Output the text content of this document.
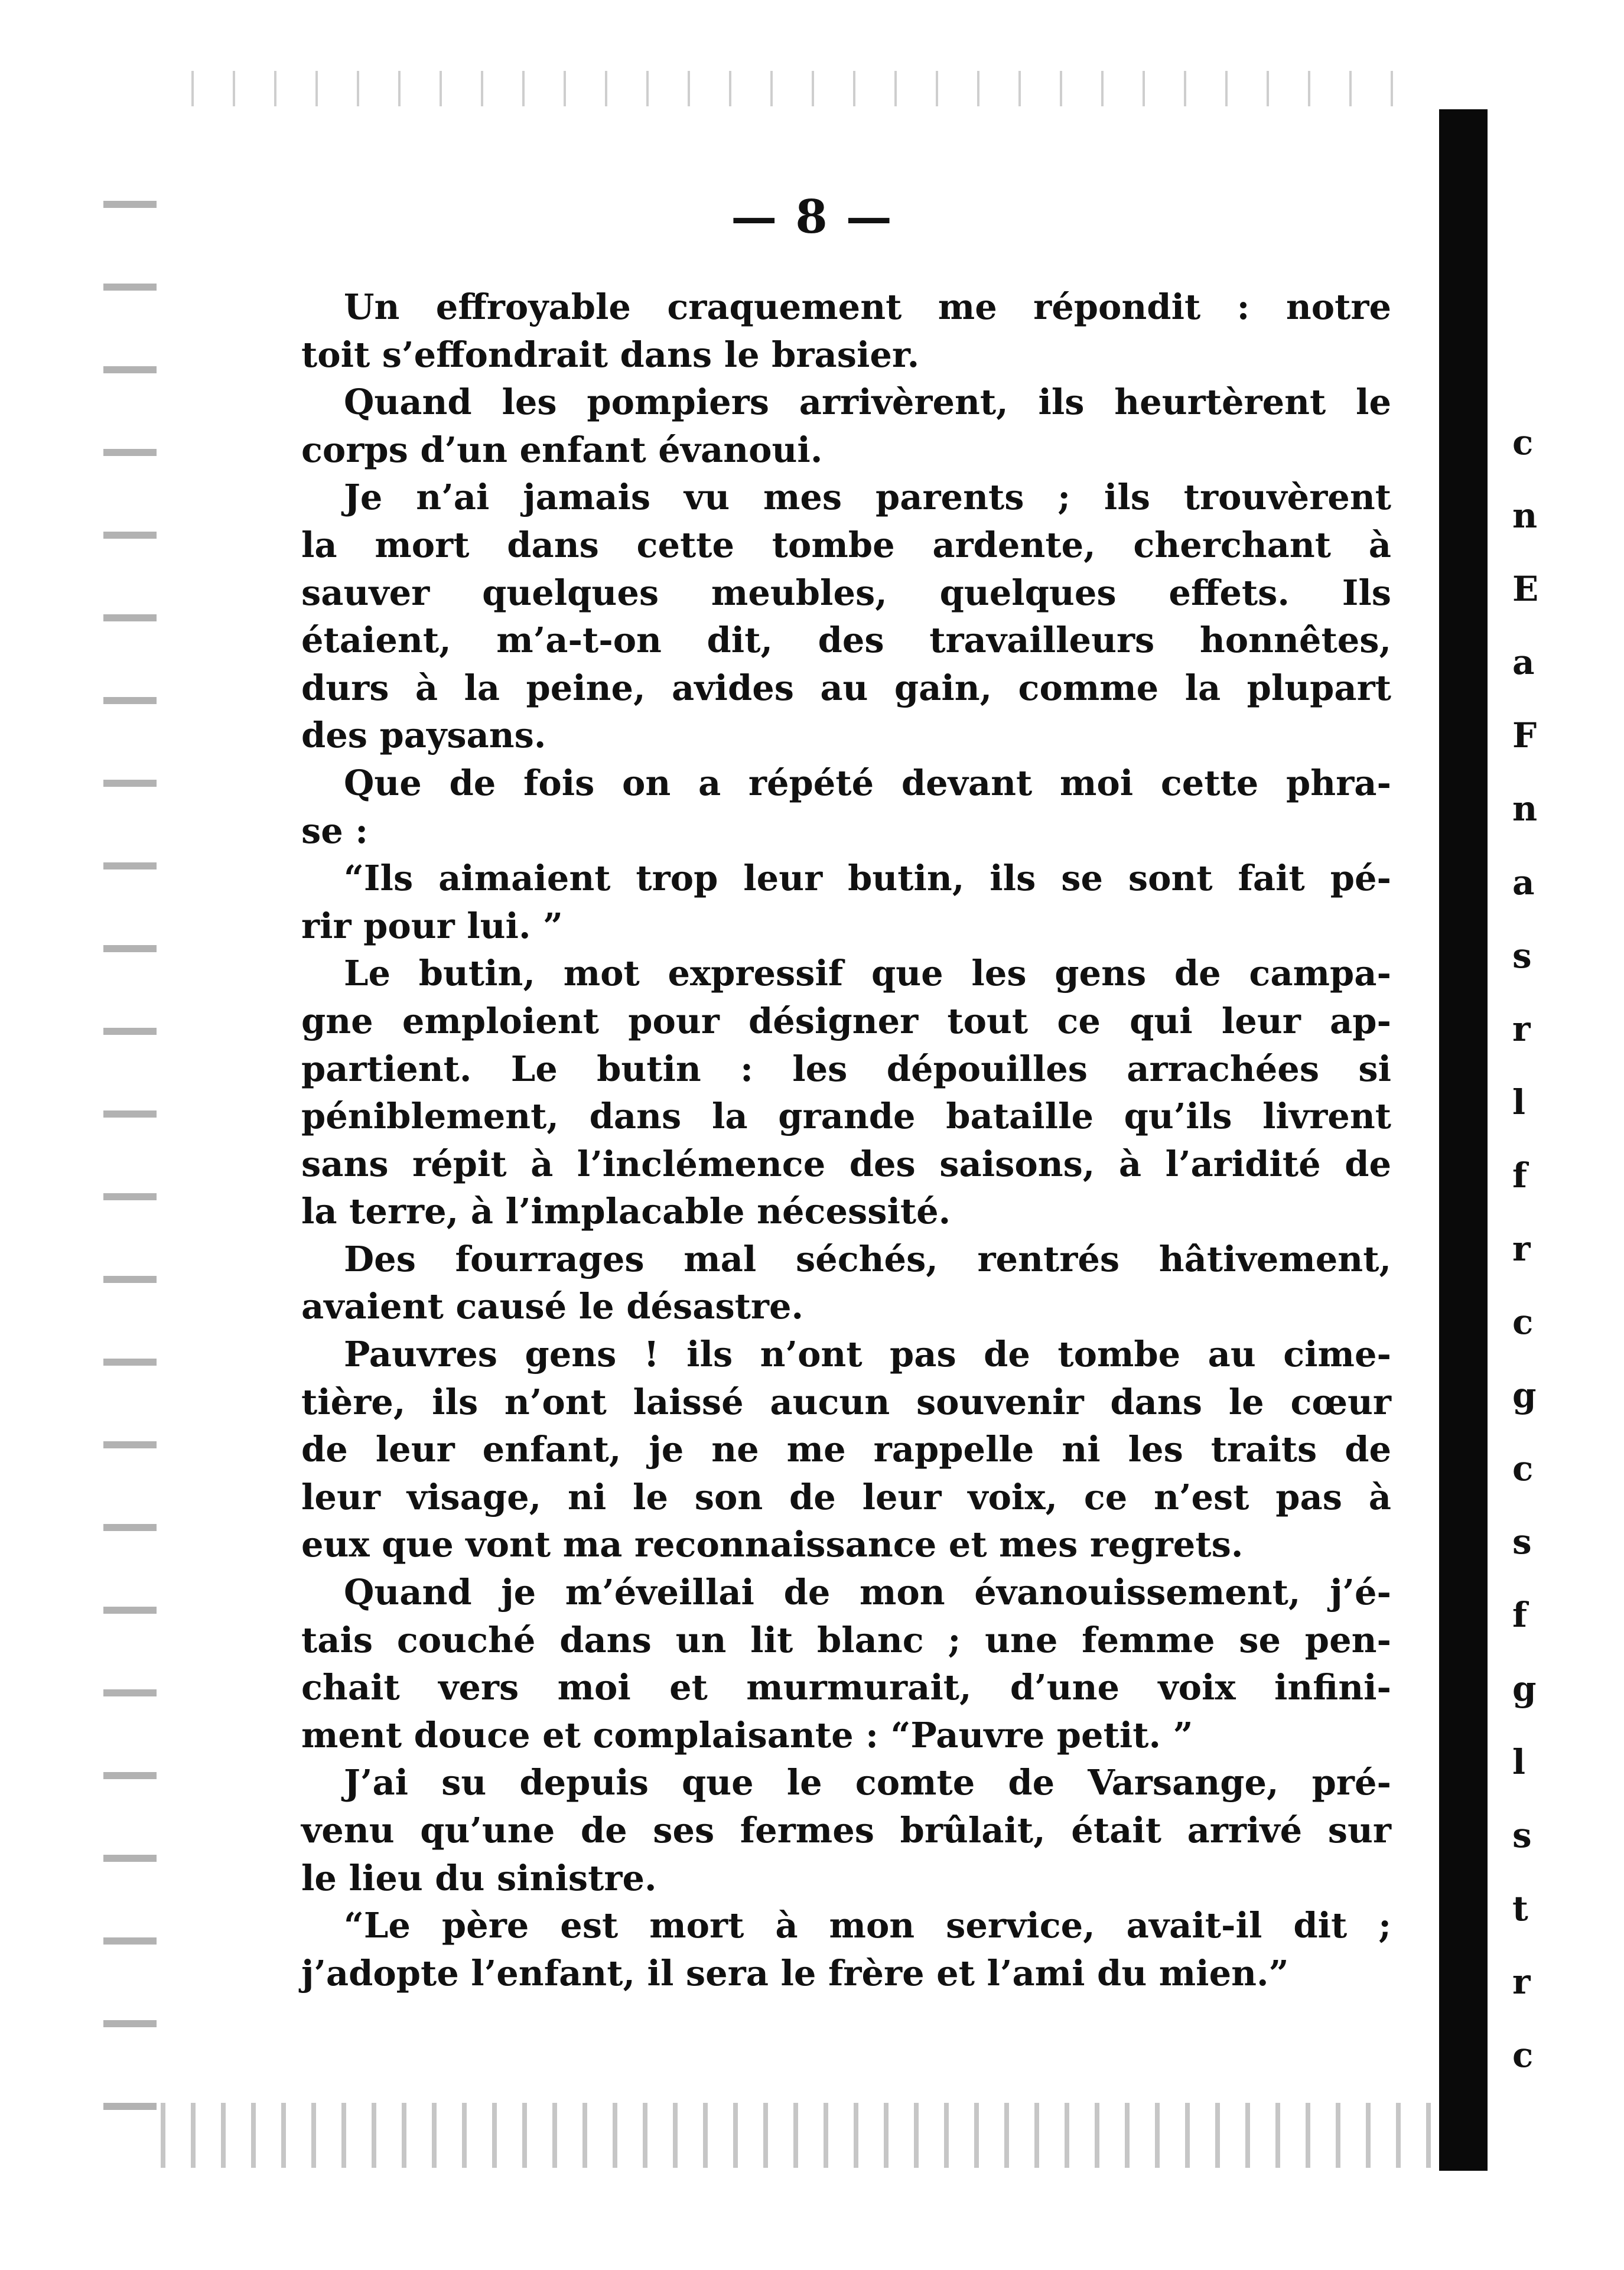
— 8 —
Un effroyable craquement me répondit : notre
toit s’effondrait dans le brasier.
Quand les pompiers arrivèrent, ils heurtèrent le
corps d’un enfant évanoui.
Je n’ai jamais vu mes parents ; ils trouvèrent
la mort dans cette tombe ardente, cherchant à
sauver quelques meubles, quelques effets. Ils
étaient, m’a-t-on dit, des travailleurs honnêtes,
durs à la peine, avides au gain, comme la plupart
des paysans.
Que de fois on a répété devant moi cette phra-
se :
“Ils aimaient trop leur butin, ils se sont fait pé-
rir pour lui. ”
Le butin, mot expressif que les gens de campa-
gne emploient pour désigner tout ce qui leur ap-
partient. Le butin : les dépouilles arrachées si
péniblement, dans la grande bataille qu’ils livrent
sans répit à l’inclémence des saisons, à l’aridité de
la terre, à l’implacable nécessité.
Des fourrages mal séchés, rentrés hâtivement,
avaient causé le désastre.
Pauvres gens ! ils n’ont pas de tombe au cime-
tière, ils n’ont laissé aucun souvenir dans le cœur
de leur enfant, je ne me rappelle ni les traits de
leur visage, ni le son de leur voix, ce n’est pas à
eux que vont ma reconnaissance et mes regrets.
Quand je m’éveillai de mon évanouissement, j’é-
tais couché dans un lit blanc ; une femme se pen-
chait vers moi et murmurait, d’une voix infini-
ment douce et complaisante : “Pauvre petit. ”
J’ai su depuis que le comte de Varsange, pré-
venu qu’une de ses fermes brûlait, était arrivé sur
le lieu du sinistre.
“Le père est mort à mon service, avait-il dit ;
j’adopte l’enfant, il sera le frère et l’ami du mien.”
c
n
E
a
F
n
a
s
r
l
f
r
c
g
c
s
f
g
l
s
t
r
c
